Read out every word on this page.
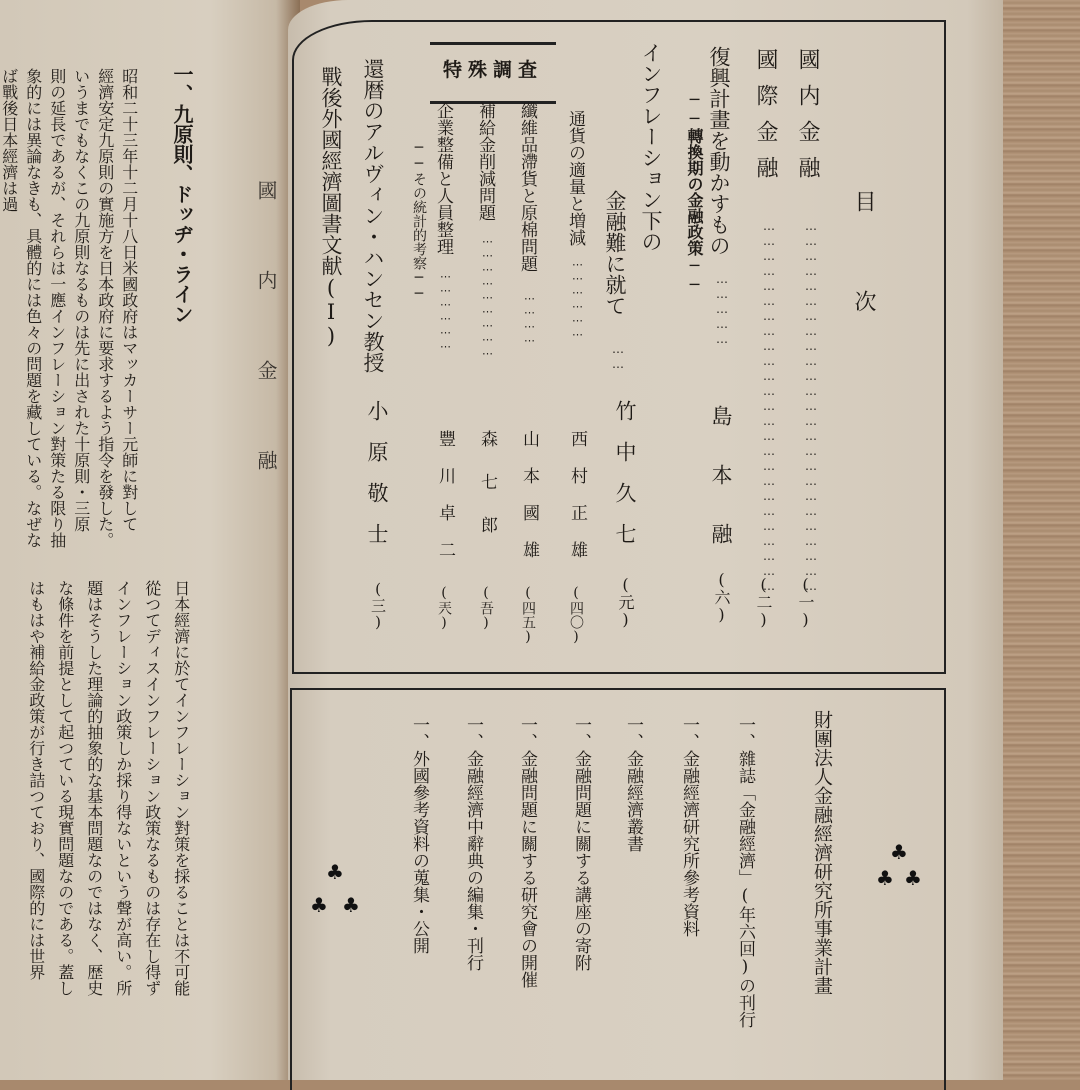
國内金融
一、九原則、ドッヂ・ライン
昭和二十三年十二月十八日米國政府はマッカーサー元師に對して
經濟安定九原則の實施方を日本政府に要求するよう指令を發した。
いうまでもなくこの九原則なるものは先に出された十原則・三原
則の延長であるが、それらは一應インフレーション對策たる限り抽
象的には異論なきも、具體的には色々の問題を藏している。なぜな
ば戰後日本經濟は過
日本經濟に於てインフレーション對策を採ることは不可能
從つてディスインフレーション政策なるものは存在し得ず
インフレーション政策しか採り得ないという聲が高い。所
題はそうした理論的抽象的な基本問題なのではなく、歴史
な條件を前提として起つている現實問題なのである。蓋し
はもはや補給金政策が行き詰つており、國際的には世界
目
次
國内金融
⋯⋯⋯⋯⋯⋯⋯⋯⋯⋯⋯⋯⋯⋯⋯⋯⋯⋯⋯⋯⋯⋯⋯⋯⋯
(一)
國際金融
⋯⋯⋯⋯⋯⋯⋯⋯⋯⋯⋯⋯⋯⋯⋯⋯⋯⋯⋯⋯⋯⋯⋯⋯⋯
(二)
復興計畫を動かすもの
──轉換期の金融政策──
⋯⋯⋯⋯⋯
島本融
(六)
インフレーション下の
金融難に就て
⋯⋯
竹中久七
(元)
特殊調査
通貨の適量と増減
⋯⋯⋯⋯⋯⋯
西村正雄
(四〇)
纖維品滯貨と原棉問題
⋯⋯⋯⋯
山本國雄
(四五)
補給金削減問題
⋯⋯⋯⋯⋯⋯⋯⋯⋯
森七郎
(吾)
企業整備と人員整理
──その統計的考察──
⋯⋯⋯⋯⋯⋯
豐川卓二
(兲)
還暦のアルヴィン・ハンセン教授
小原敬士
(三)
戰後外國經濟圖書文献(I)
財團法人金融經濟研究所事業計畫
一、雜誌「金融經濟」(年六回)の刊行
一、金融經濟研究所參考資料
一、金融經濟叢書
一、金融問題に關する講座の寄附
一、金融問題に關する研究會の開催
一、金融經濟中辭典の編集・刊行
一、外國參考資料の蒐集・公開
♣
♣ ♣
♣
♣ ♣
